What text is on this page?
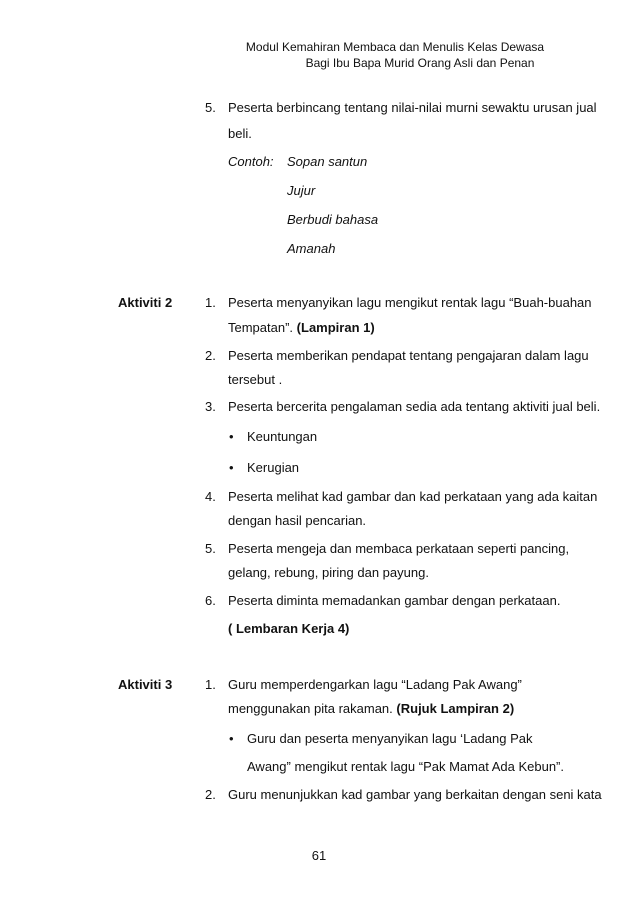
Modul Kemahiran Membaca dan Menulis Kelas Dewasa
Bagi Ibu Bapa Murid Orang Asli dan Penan
5. Peserta berbincang tentang nilai-nilai murni sewaktu urusan jual
beli.
Contoh: Sopan santun
Jujur
Berbudi bahasa
Amanah
Aktiviti 2	1. Peserta menyanyikan lagu mengikut rentak lagu “Buah-buahan
Tempatan”. (Lampiran 1)
2. Peserta memberikan pendapat tentang pengajaran dalam lagu
tersebut .
3. Peserta bercerita pengalaman sedia ada tentang aktiviti jual beli.
• Keuntungan
• Kerugian
4. Peserta melihat kad gambar dan kad perkataan yang ada kaitan
dengan hasil pencarian.
5. Peserta mengeja dan membaca perkataan seperti pancing,
gelang, rebung, piring dan payung.
6. Peserta diminta memadankan gambar dengan perkataan.
( Lembaran Kerja 4)
Aktiviti 3	1. Guru memperdengarkan lagu “Ladang Pak Awang”
menggunakan pita rakaman. (Rujuk Lampiran 2)
• Guru dan peserta menyanyikan lagu ‘Ladang Pak
Awang” mengikut rentak lagu “Pak Mamat Ada Kebun”.
2. Guru menunjukkan kad gambar yang berkaitan dengan seni kata
61
